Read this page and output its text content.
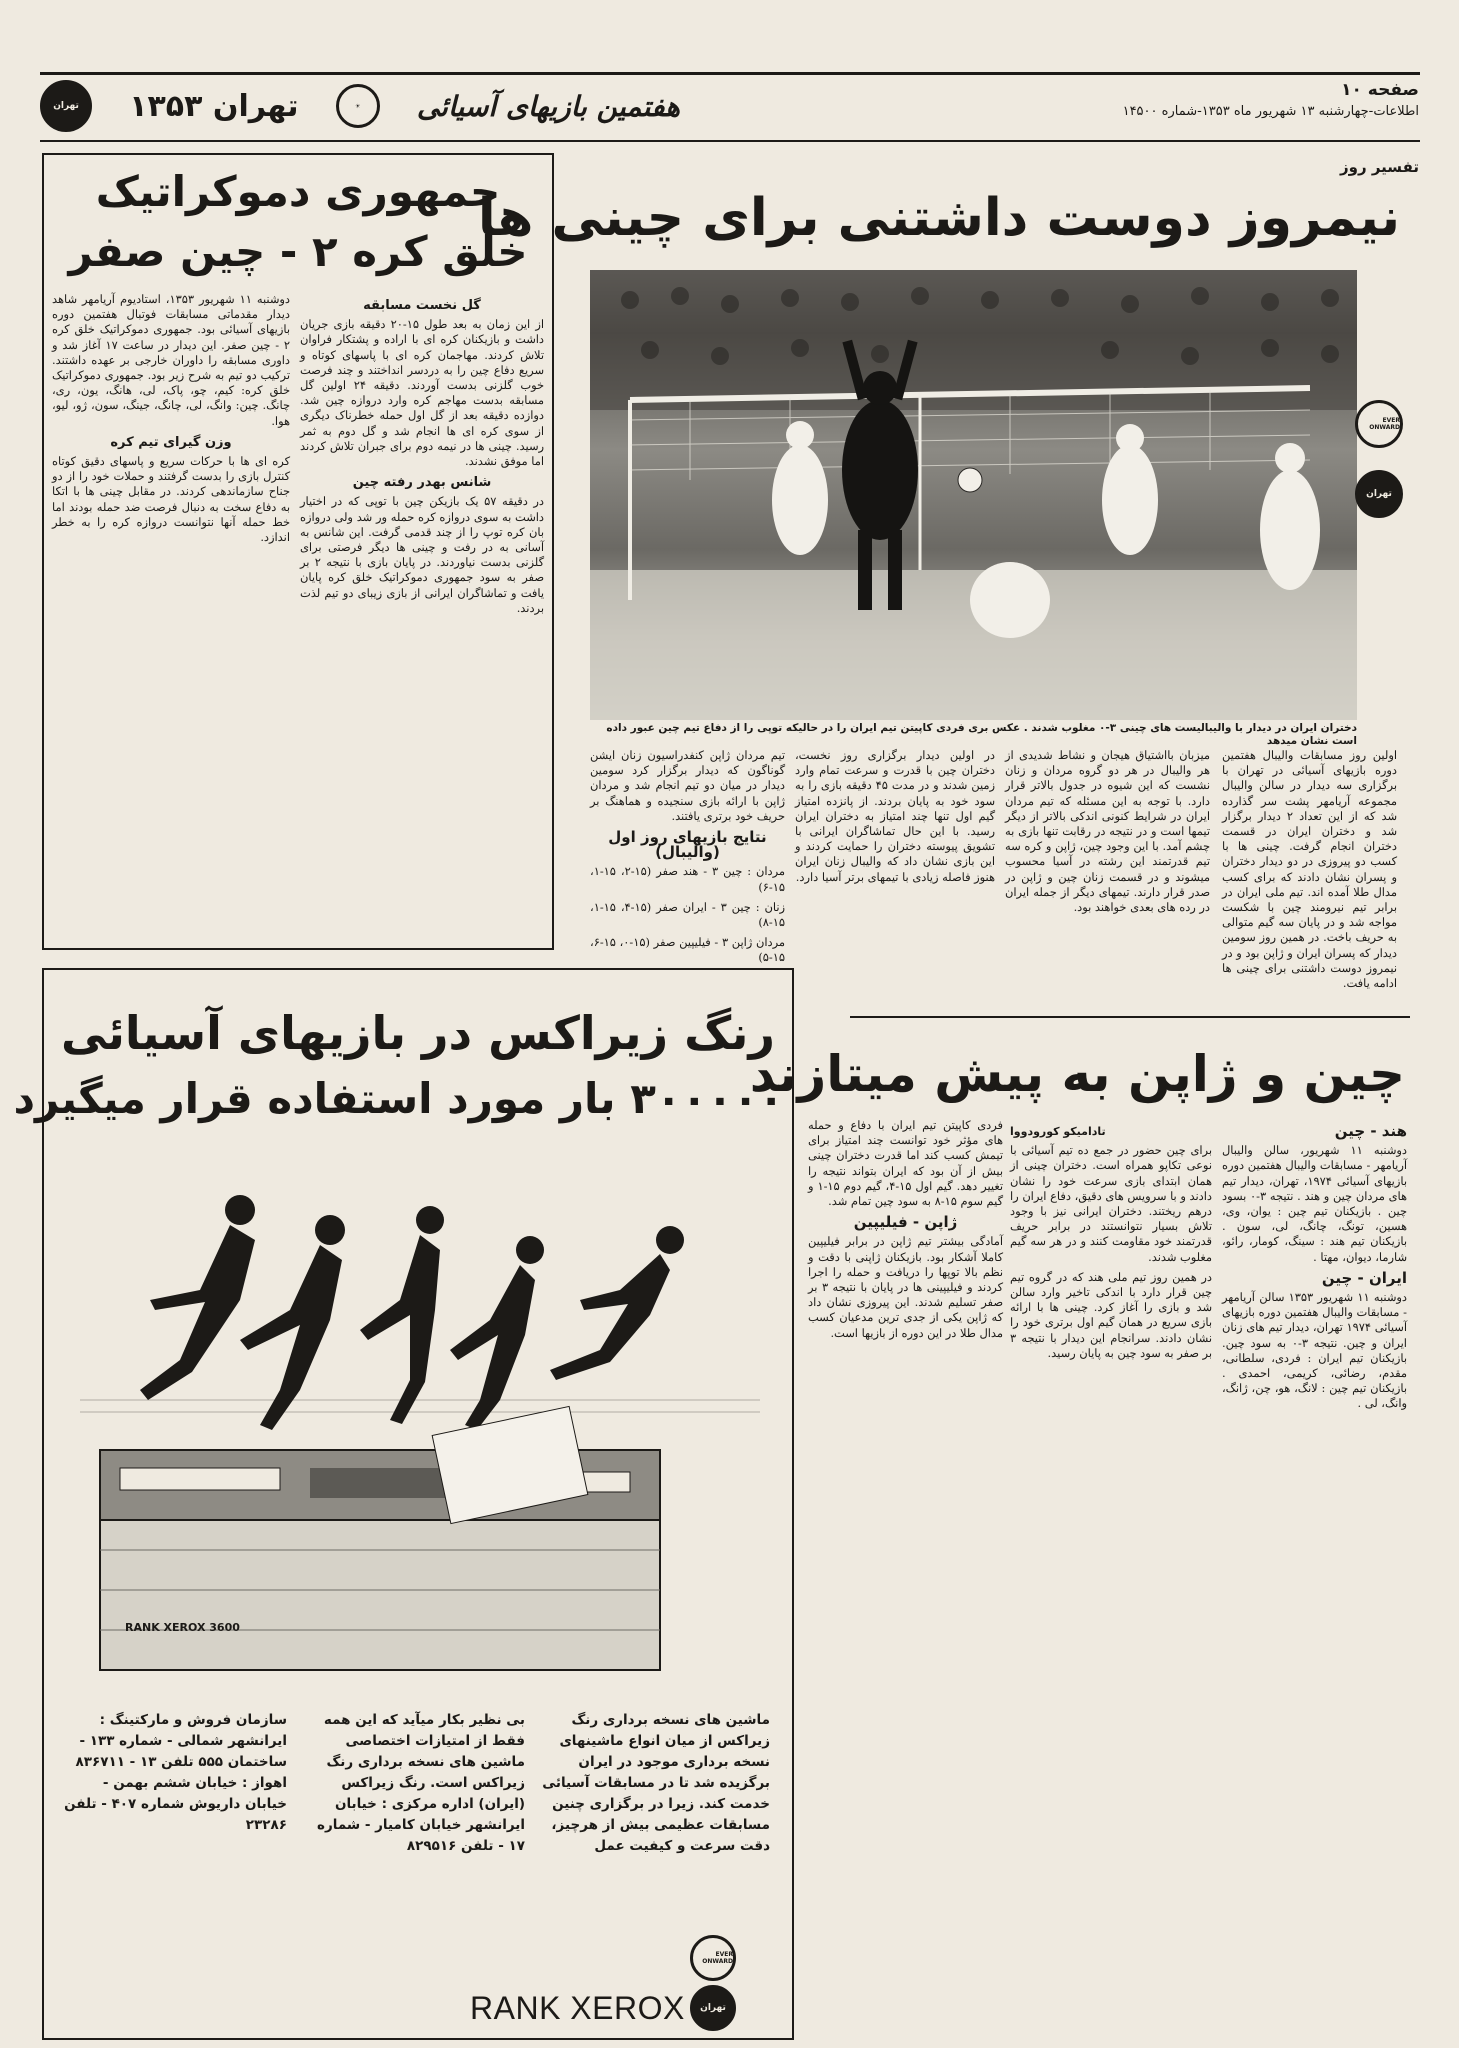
صفحه ۱۰
اطلاعات-چهارشنبه ۱۳ شهریور ماه ۱۳۵۳-شماره ۱۴۵۰۰
هفتمین بازیهای آسیائی
☀
تهران ۱۳۵۳
تهران
تفسیر روز
نیمروز دوست داشتنی برای چینی ها
دختران ایران در دیدار با والیبالیست های چینی ۳-۰ مغلوب شدند . عکس بری فردی کاپیتن تیم ایران را در حالیکه توپی را از دفاع تیم چین عبور داده است نشان میدهد
EVER ONWARD
تهران

اولین روز مسابقات والیبال هفتمین دوره بازیهای آسیائی در تهران با برگزاری سه دیدار در سالن والیبال مجموعه آریامهر پشت سر گذارده شد که از این تعداد ۲ دیدار برگزار شد و دختران ایران در قسمت دختران انجام گرفت. چینی ها با کسب دو پیروزی در دو دیدار دختران و پسران نشان دادند که برای کسب مدال طلا آمده اند. تیم ملی ایران در برابر تیم نیرومند چین با شکست مواجه شد و در پایان سه گیم متوالی به حریف باخت. در همین روز سومین دیدار که پسران ایران و ژاپن بود و در نیمروز دوست داشتنی برای چینی ها ادامه یافت.

میزبان بااشتیاق هیجان و نشاط شدیدی از هر والیبال در هر دو گروه مردان و زنان نشست که این شیوه در جدول بالاتر قرار دارد. با توجه به این مسئله که تیم مردان ایران در شرایط کنونی اندکی بالاتر از دیگر تیمها است و در نتیجه در رقابت تنها بازی به چشم آمد. با این وجود چین، ژاپن و کره سه تیم قدرتمند این رشته در آسیا محسوب میشوند و در قسمت زنان چین و ژاپن در صدر قرار دارند. تیمهای دیگر از جمله ایران در رده های بعدی خواهند بود.

در اولین دیدار برگزاری روز نخست، دختران چین با قدرت و سرعت تمام وارد زمین شدند و در مدت ۴۵ دقیقه بازی را به سود خود به پایان بردند. از پانزده امتیاز گیم اول تنها چند امتیاز به دختران ایران رسید. با این حال تماشاگران ایرانی با تشویق پیوسته دختران را حمایت کردند و این بازی نشان داد که والیبال زنان ایران هنوز فاصله زیادی با تیمهای برتر آسیا دارد.

تیم مردان ژاپن کنفدراسیون زنان ایشن گوناگون که دیدار برگزار کرد سومین دیدار در میان دو تیم انجام شد و مردان ژاپن با ارائه بازی سنجیده و هماهنگ بر حریف خود برتری یافتند.

نتایج بازیهای روز اول (والیبال)

مردان : چین ۳ - هند صفر (۱۵-۲، ۱۵-۱، ۱۵-۶)

زنان : چین ۳ - ایران صفر (۱۵-۴، ۱۵-۱، ۱۵-۸)

مردان ژاپن ۳ - فیلیپین صفر (۱۵-۰، ۱۵-۶، ۱۵-۵)

جمهوری دموکراتیک
خلق کره ۲ - چین صفر
گل نخست مسابقه

از این زمان به بعد طول ۱۵-۲۰ دقیقه بازی جریان داشت و بازیکنان کره ای با اراده و پشتکار فراوان تلاش کردند. مهاجمان کره ای با پاسهای کوتاه و سریع دفاع چین را به دردسر انداختند و چند فرصت خوب گلزنی بدست آوردند. دقیقه ۲۴ اولین گل مسابقه بدست مهاجم کره وارد دروازه چین شد. دوازده دقیقه بعد از گل اول حمله خطرناک دیگری از سوی کره ای ها انجام شد و گل دوم به ثمر رسید. چینی ها در نیمه دوم برای جبران تلاش کردند اما موفق نشدند.

شانس بهدر رفته چین

در دقیقه ۵۷ یک بازیکن چین با توپی که در اختیار داشت به سوی دروازه کره حمله ور شد ولی دروازه بان کره توپ را از چند قدمی گرفت. این شانس به آسانی به در رفت و چینی ها دیگر فرصتی برای گلزنی بدست نیاوردند. در پایان بازی با نتیجه ۲ بر صفر به سود جمهوری دموکراتیک خلق کره پایان یافت و تماشاگران ایرانی از بازی زیبای دو تیم لذت بردند.

دوشنبه ۱۱ شهریور ۱۳۵۳، استادیوم آریامهر شاهد دیدار مقدماتی مسابقات فوتبال هفتمین دوره بازیهای آسیائی بود. جمهوری دموکراتیک خلق کره ۲ - چین صفر. این دیدار در ساعت ۱۷ آغاز شد و داوری مسابقه را داوران خارجی بر عهده داشتند. ترکیب دو تیم به شرح زیر بود. جمهوری دموکراتیک خلق کره: کیم، چو، پاک، لی، هانگ، یون، ری، چانگ. چین: وانگ، لی، چانگ، جینگ، سون، ژو، لیو، هوا.

وزن گیرای تیم کره

کره ای ها با حرکات سریع و پاسهای دقیق کوتاه کنترل بازی را بدست گرفتند و حملات خود را از دو جناح سازماندهی کردند. در مقابل چینی ها با اتکا به دفاع سخت به دنبال فرصت ضد حمله بودند اما خط حمله آنها نتوانست دروازه کره را به خطر اندازد.

چین و ژاپن به پیش میتازند
هند - چین

دوشنبه ۱۱ شهریور، سالن والیبال آریامهر - مسابقات والیبال هفتمین دوره بازیهای آسیائی ۱۹۷۴، تهران، دیدار تیم های مردان چین و هند . نتیجه ۳-۰ بسود چین . بازیکنان تیم چین : یوان، وی، هسین، تونگ، چانگ، لی، سون . بازیکنان تیم هند : سینگ، کومار، رائو، شارما، دیوان، مهتا .

ایران - چین

دوشنبه ۱۱ شهریور ۱۳۵۳ سالن آریامهر - مسابقات والیبال هفتمین دوره بازیهای آسیائی ۱۹۷۴ تهران، دیدار تیم های زنان ایران و چین. نتیجه ۳-۰ به سود چین. بازیکنان تیم ایران : فردی، سلطانی، مقدم، رضائی، کریمی، احمدی . بازیکنان تیم چین : لانگ، هو، چن، ژانگ، وانگ، لی .

تادامیکو کورودووا

برای چین حضور در جمع ده تیم آسیائی با نوعی تکاپو همراه است. دختران چینی از همان ابتدای بازی سرعت خود را نشان دادند و با سرویس های دقیق، دفاع ایران را درهم ریختند. دختران ایرانی نیز با وجود تلاش بسیار نتوانستند در برابر حریف قدرتمند خود مقاومت کنند و در هر سه گیم مغلوب شدند.

در همین روز تیم ملی هند که در گروه تیم چین قرار دارد با اندکی تاخیر وارد سالن شد و بازی را آغاز کرد. چینی ها با ارائه بازی سریع در همان گیم اول برتری خود را نشان دادند. سرانجام این دیدار با نتیجه ۳ بر صفر به سود چین به پایان رسید.

فردی کاپیتن تیم ایران با دفاع و حمله های مؤثر خود توانست چند امتیاز برای تیمش کسب کند اما قدرت دختران چینی بیش از آن بود که ایران بتواند نتیجه را تغییر دهد. گیم اول ۱۵-۴، گیم دوم ۱۵-۱ و گیم سوم ۱۵-۸ به سود چین تمام شد.

ژاپن - فیلیپین

آمادگی بیشتر تیم ژاپن در برابر فیلیپین کاملا آشکار بود. بازیکنان ژاپنی با دقت و نظم بالا توپها را دریافت و حمله را اجرا کردند و فیلیپینی ها در پایان با نتیجه ۳ بر صفر تسلیم شدند. این پیروزی نشان داد که ژاپن یکی از جدی ترین مدعیان کسب مدال طلا در این دوره از بازیها است.

رنگ زیراکس در بازیهای آسیائی
۳۰۰۰۰۰ بار مورد استفاده قرار میگیرد
RANK XEROX 3600
ماشین های نسخه برداری رنگ زیراکس از میان انواع ماشینهای نسخه برداری موجود در ایران برگزیده شد تا در مسابقات آسیائی خدمت کند. زیرا در برگزاری چنین مسابقات عظیمی بیش از هرچیز، دقت سرعت و کیفیت عمل
بی نظیر بکار میآید که این همه فقط از امتیازات اختصاصی ماشین های نسخه برداری رنگ زیراکس است. رنگ زیراکس (ایران) اداره مرکزی : خیابان ایرانشهر خیابان کامیار - شماره ۱۷ - تلفن ۸۲۹۵۱۶
سازمان فروش و مارکتینگ : ایرانشهر شمالی - شماره ۱۳۳ - ساختمان ۵۵۵ تلفن ۱۳ - ۸۳۶۷۱۱ اهواز : خیابان ششم بهمن - خیابان داریوش شماره ۴۰۷ - تلفن ۲۳۲۸۶
EVER ONWARD
تهران
RANK XEROX
